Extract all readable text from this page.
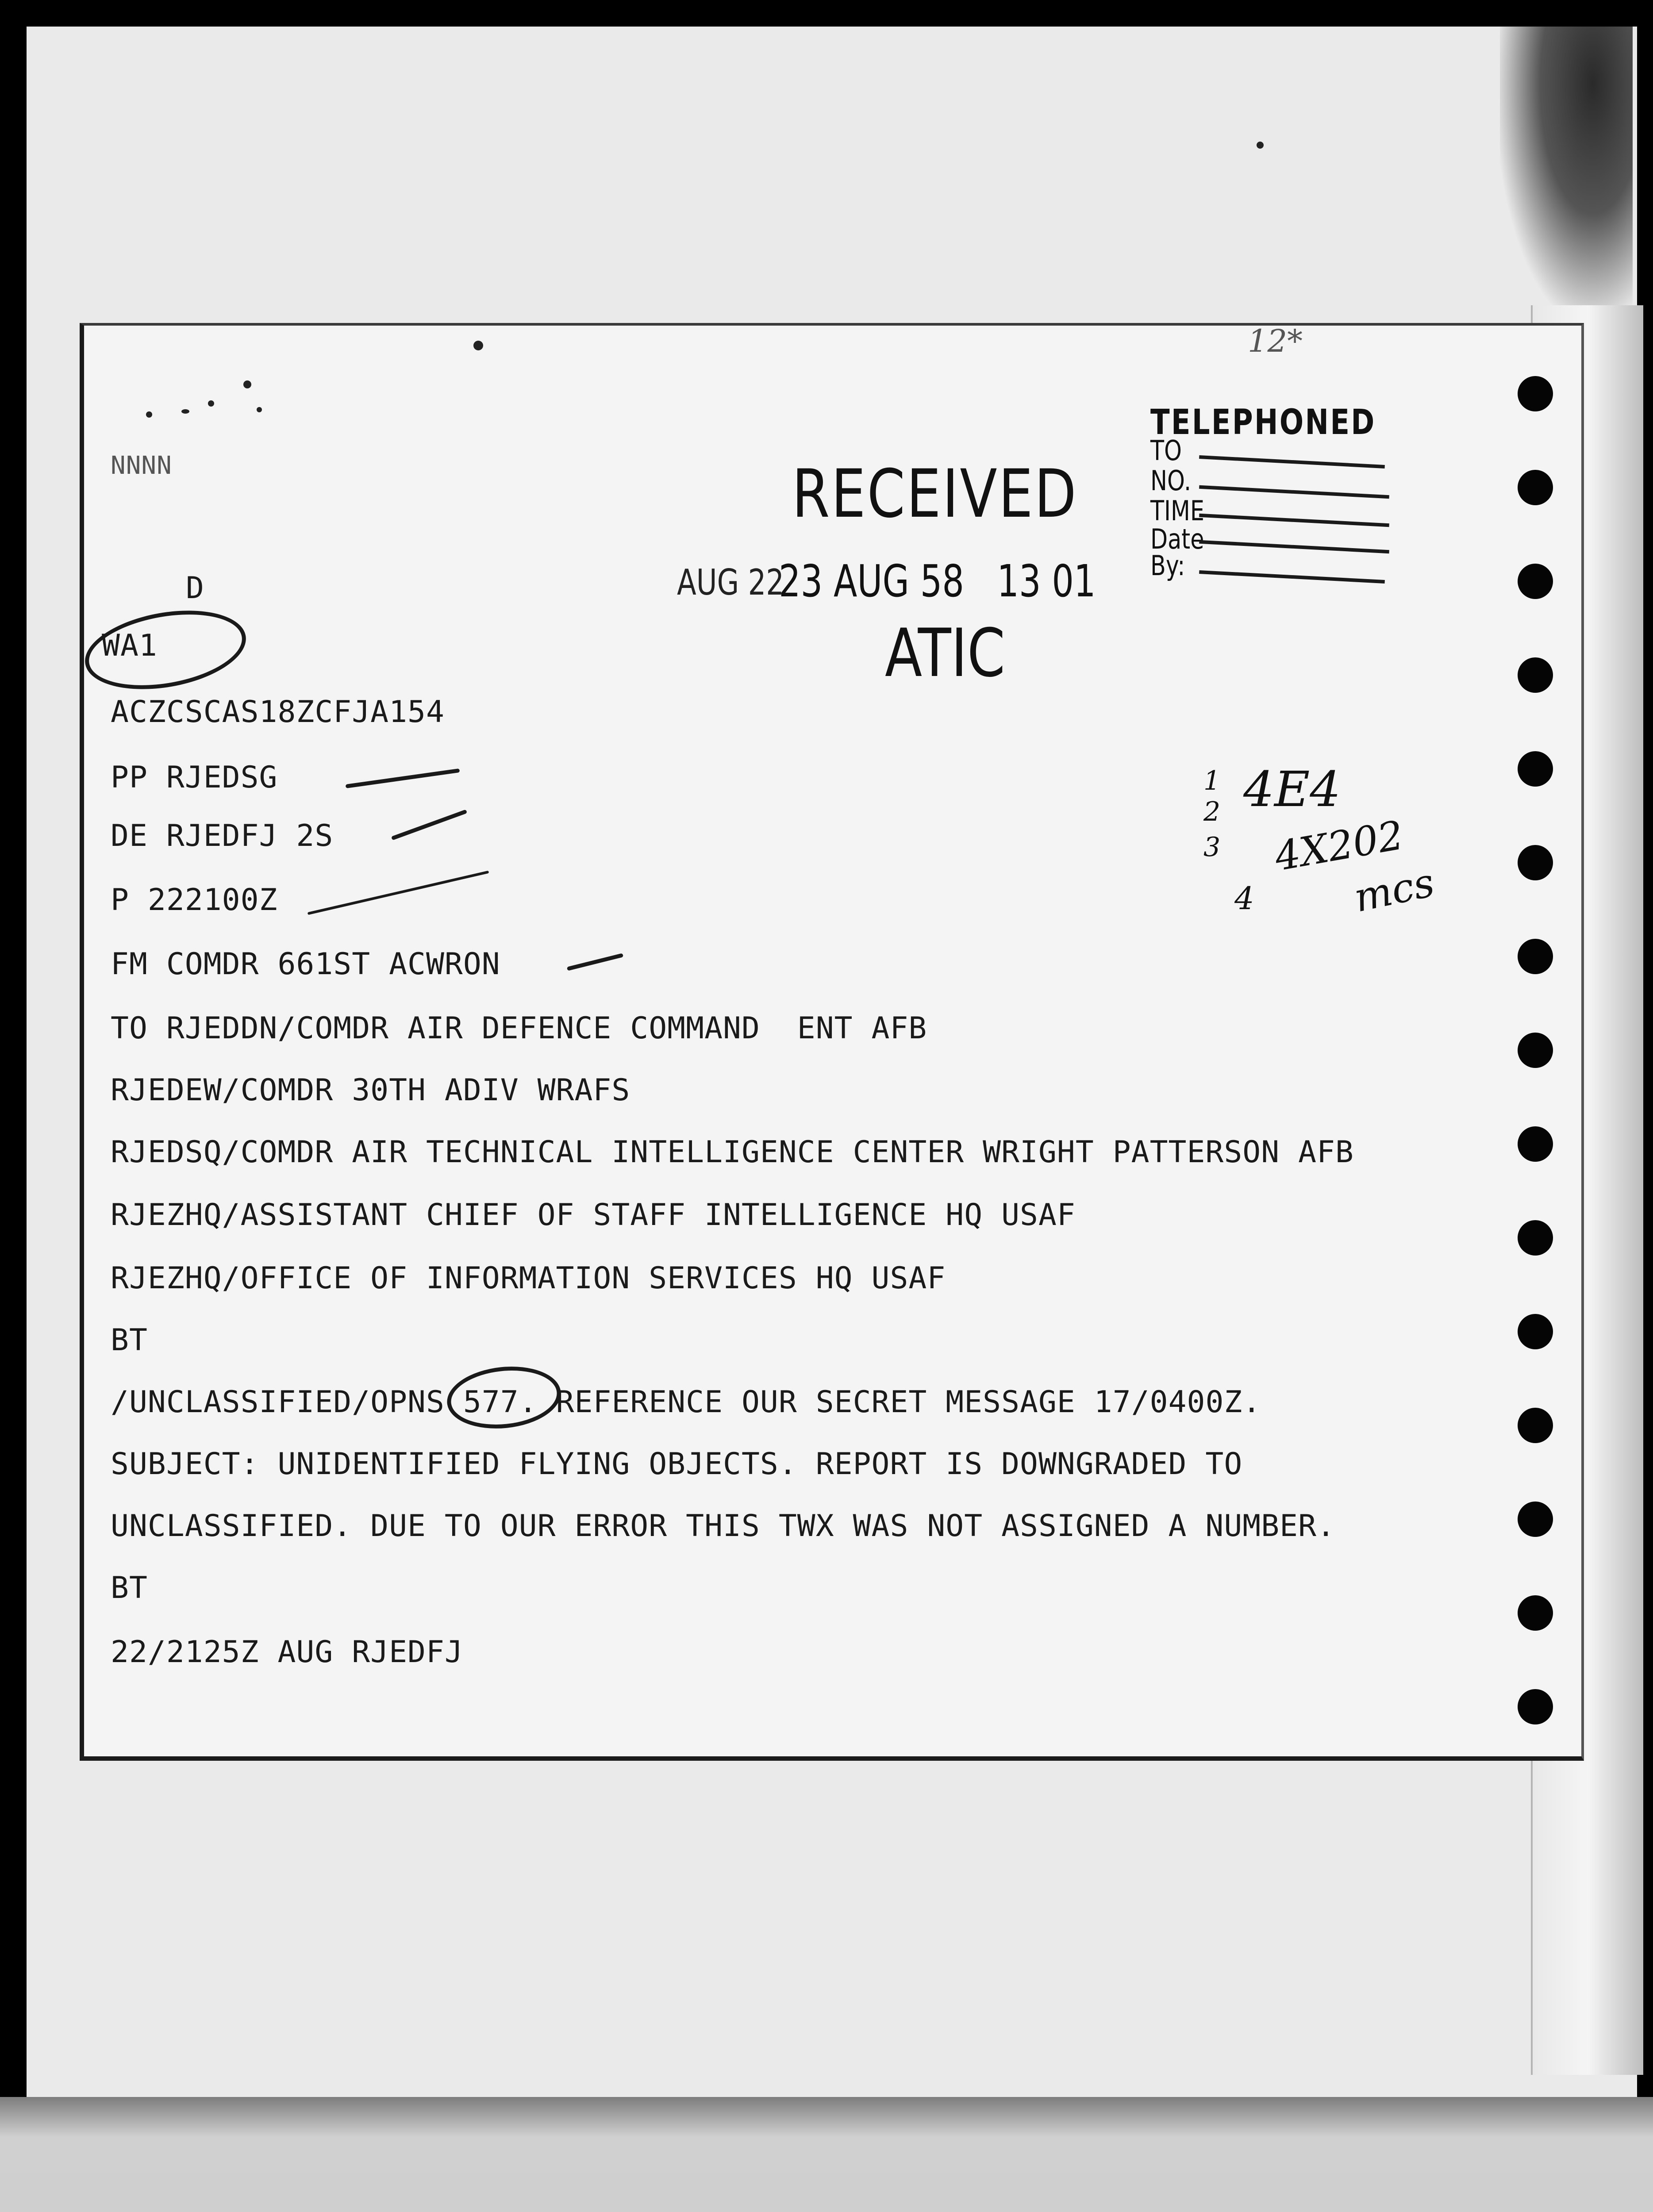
NNNN	RECEIVED
AUG 22
23 AUG 58   13 01
ATIC
TELEPHONED
TO
NO.
TIME
Date
By:
12*
1
2
3
4E4
4X202
4 mcs
D
WA1
ACZCSCAS18ZCFJA154
PP RJEDSG
DE RJEDFJ 2S
P 222100Z
FM COMDR 661ST ACWRON
TO RJEDDN/COMDR AIR DEFENCE COMMAND  ENT AFB
RJEDEW/COMDR 30TH ADIV WRAFS
RJEDSQ/COMDR AIR TECHNICAL INTELLIGENCE CENTER WRIGHT PATTERSON AFB
RJEZHQ/ASSISTANT CHIEF OF STAFF INTELLIGENCE HQ USAF
RJEZHQ/OFFICE OF INFORMATION SERVICES HQ USAF
BT
/UNCLASSIFIED/OPNS 577. REFERENCE OUR SECRET MESSAGE 17/0400Z.
SUBJECT: UNIDENTIFIED FLYING OBJECTS. REPORT IS DOWNGRADED TO
UNCLASSIFIED. DUE TO OUR ERROR THIS TWX WAS NOT ASSIGNED A NUMBER.
BT
22/2125Z AUG RJEDFJ
